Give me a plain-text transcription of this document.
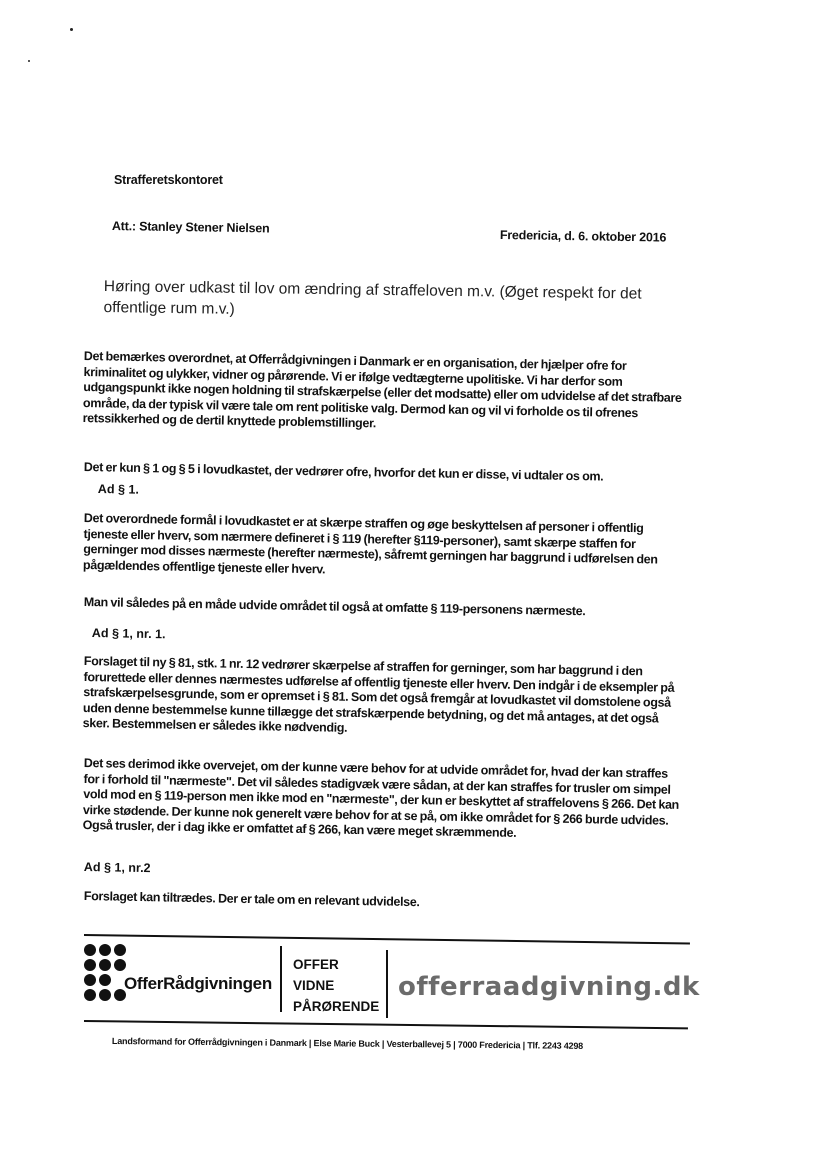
Strafferetskontoret
Att.: Stanley Stener Nielsen
Fredericia, d. 6. oktober 2016
Høring over udkast til lov om ændring af straffeloven m.v. (Øget respekt for det offentlige rum m.v.)
Det bemærkes overordnet, at Offerrådgivningen i Danmark er en organisation, der hjælper ofre for kriminalitet og ulykker, vidner og pårørende. Vi er ifølge vedtægterne upolitiske. Vi har derfor som udgangspunkt ikke nogen holdning til strafskærpelse (eller det modsatte) eller om udvidelse af det strafbare område, da der typisk vil være tale om rent politiske valg. Dermod kan og vil vi forholde os til ofrenes retssikkerhed og de dertil knyttede problemstillinger.
Det er kun § 1 og § 5 i lovudkastet, der vedrører ofre, hvorfor det kun er disse, vi udtaler os om.
Ad § 1.
Det overordnede formål i lovudkastet er at skærpe straffen og øge beskyttelsen af personer i offentlig tjeneste eller hverv, som nærmere defineret i § 119 (herefter §119-personer), samt skærpe staffen for gerninger mod disses nærmeste (herefter nærmeste), såfremt gerningen har baggrund i udførelsen den pågældendes offentlige tjeneste eller hverv.
Man vil således på en måde udvide området til også at omfatte § 119-personens nærmeste.
Ad § 1, nr. 1.
Forslaget til ny § 81, stk. 1 nr. 12 vedrører skærpelse af straffen for gerninger, som har baggrund i den forurettede eller dennes nærmestes udførelse af offentlig tjeneste eller hverv. Den indgår i de eksempler på strafskærpelsesgrunde, som er opremset i § 81. Som det også fremgår at lovudkastet vil domstolene også uden denne bestemmelse kunne tillægge det strafskærpende betydning, og det må antages, at det også sker. Bestemmelsen er således ikke nødvendig.
Det ses derimod ikke overvejet, om der kunne være behov for at udvide området for, hvad der kan straffes for i forhold til "nærmeste". Det vil således stadigvæk være sådan, at der kan straffes for trusler om simpel vold mod en § 119-person men ikke mod en "nærmeste", der kun er beskyttet af straffelovens § 266. Det kan virke stødende. Der kunne nok generelt være behov for at se på, om ikke området for § 266 burde udvides. Også trusler, der i dag ikke er omfattet af § 266, kan være meget skræmmende.
Ad § 1, nr.2
Forslaget kan tiltrædes. Der er tale om en relevant udvidelse.
OfferRådgivningen
OFFER
VIDNE
PÅRØRENDE
offerraadgivning.dk
Landsformand for Offerrådgivningen i Danmark | Else Marie Buck | Vesterballevej 5 | 7000 Fredericia | Tlf. 2243 4298
